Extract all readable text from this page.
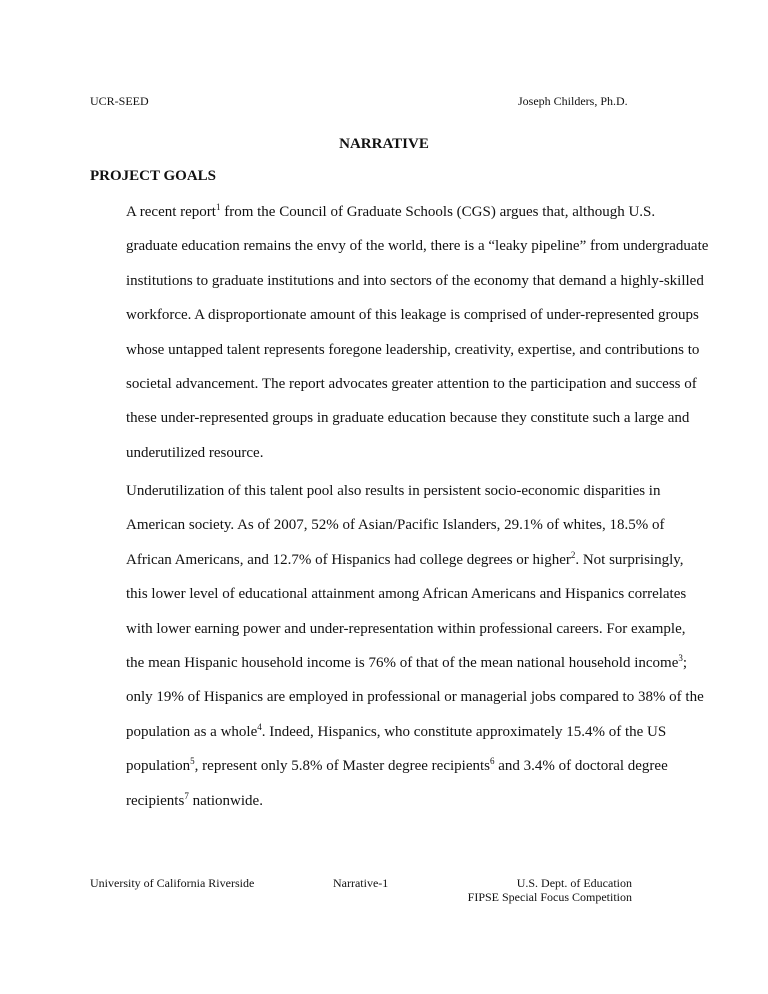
UCR-SEED	Joseph Childers, Ph.D.
NARRATIVE
PROJECT GOALS

A recent report$^1$ from the Council of Graduate Schools (CGS) argues that, although U.S.
graduate education remains the envy of the world, there is a “leaky pipeline” from undergraduate
institutions to graduate institutions and into sectors of the economy that demand a highly-skilled
workforce. A disproportionate amount of this leakage is comprised of under-represented groups
whose untapped talent represents foregone leadership, creativity, expertise, and contributions to
societal advancement. The report advocates greater attention to the participation and success of
these under-represented groups in graduate education because they constitute such a large and
underutilized resource.

Underutilization of this talent pool also results in persistent socio-economic disparities in
American society. As of 2007, 52% of Asian/Pacific Islanders, 29.1% of whites, 18.5% of
African Americans, and 12.7% of Hispanics had college degrees or higher$^2$. Not surprisingly,
this lower level of educational attainment among African Americans and Hispanics correlates
with lower earning power and under-representation within professional careers. For example,
the mean Hispanic household income is 76% of that of the mean national household income$^3$;
only 19% of Hispanics are employed in professional or managerial jobs compared to 38% of the
population as a whole$^4$. Indeed, Hispanics, who constitute approximately 15.4% of the US
population$^5$, represent only 5.8% of Master degree recipients$^6$ and 3.4% of doctoral degree
recipients$^7$ nationwide.

University of California Riverside	Narrative-1	U.S. Dept. of Education
FIPSE Special Focus Competition
